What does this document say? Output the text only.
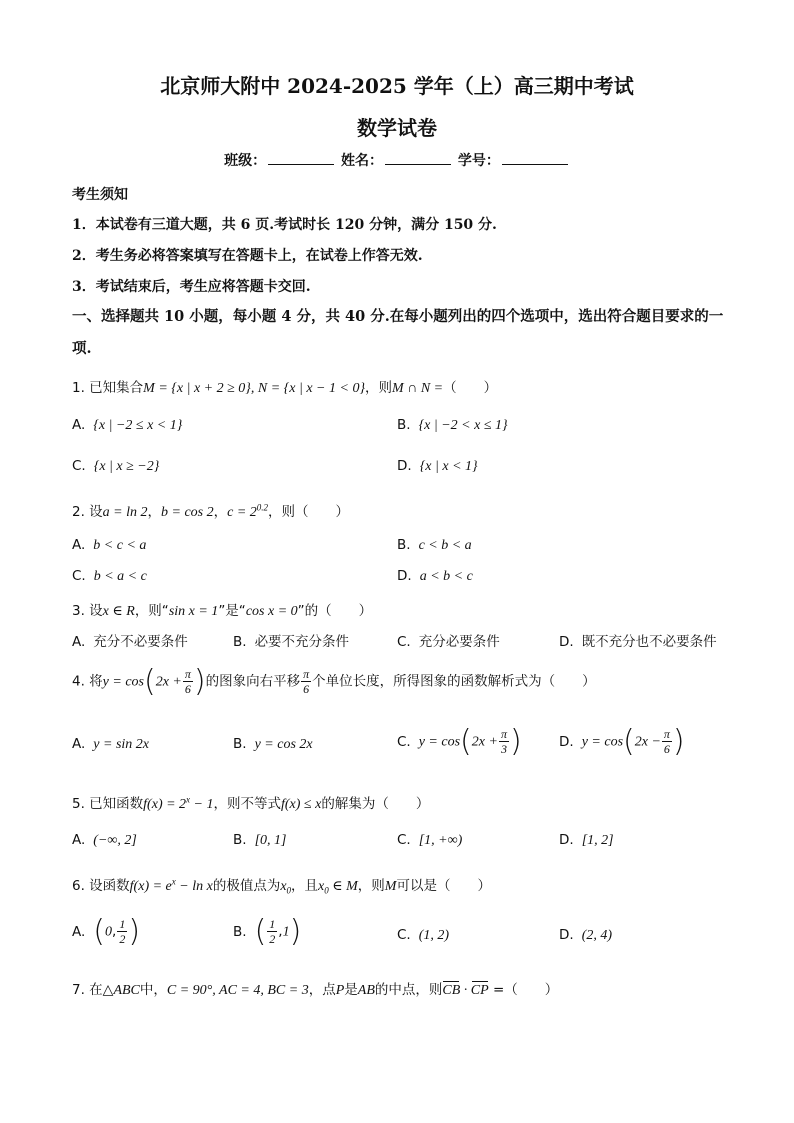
北京师大附中 2024-2025 学年（上）高三期中考试
数学试卷
班级：	姓名：	学号：
考生须知
1．本试卷有三道大题，共 6 页.考试时长 120 分钟，满分 150 分.
2．考生务必将答案填写在答题卡上，在试卷上作答无效.
3．考试结束后，考生应将答题卡交回.
一、选择题共 10 小题，每小题 4 分，共 40 分.在每小题列出的四个选项中，选出符合题目要求的一项.
1. 已知集合M = {x | x + 2 ≥ 0}, N = {x | x − 1 < 0}，则M ∩ N =（　　）
A. {x | −2 ≤ x < 1}	B. {x | −2 < x ≤ 1}
C. {x | x ≥ −2}	D. {x | x < 1}
2. 设a = ln 2，b = cos 2，$c = 2^{0.2}$，则（　　）
A. b < c < a	B. c < b < a
C. b < a < c	D. a < b < c
3. 设x ∈ R，则“sin x = 1”是“cos x = 0”的（　　）
A. 充分不必要条件	B. 必要不充分条件	C. 充分必要条件	D. 既不充分也不必要条件
4. 将$y = \cos(2x + \frac{\pi}{6}$ )的图象向右平移 $\frac{\pi}{6}$ 个单位长度，所得图象的函数解析式为（　　）
A. y = sin 2x	B. y = cos 2x	C. $y = \cos(2x + \frac{\pi}{3}$ )	D. $y = \cos(2x - \frac{\pi}{6}$ )
5. 已知函数$f(x) = 2^x - 1$，则不等式f(x) ≤ x的解集为（　　）
A. (−∞, 2]	B. [0, 1]	C. [1, +∞)	D. [1, 2]
6. 设函数$f(x) = e^x - \ln x$的极值点为$x_0$，且$x_0$ ∈ M，则M可以是（　　）
A. (0, $\frac{1}{2}$ )	B. ( $\frac{1}{2} ,1$)	C. (1, 2)	D. (2, 4)
7. 在△ABC中，C = 90°, AC = 4, BC = 3，点P是AB的中点，则CB · CP =（　　）
